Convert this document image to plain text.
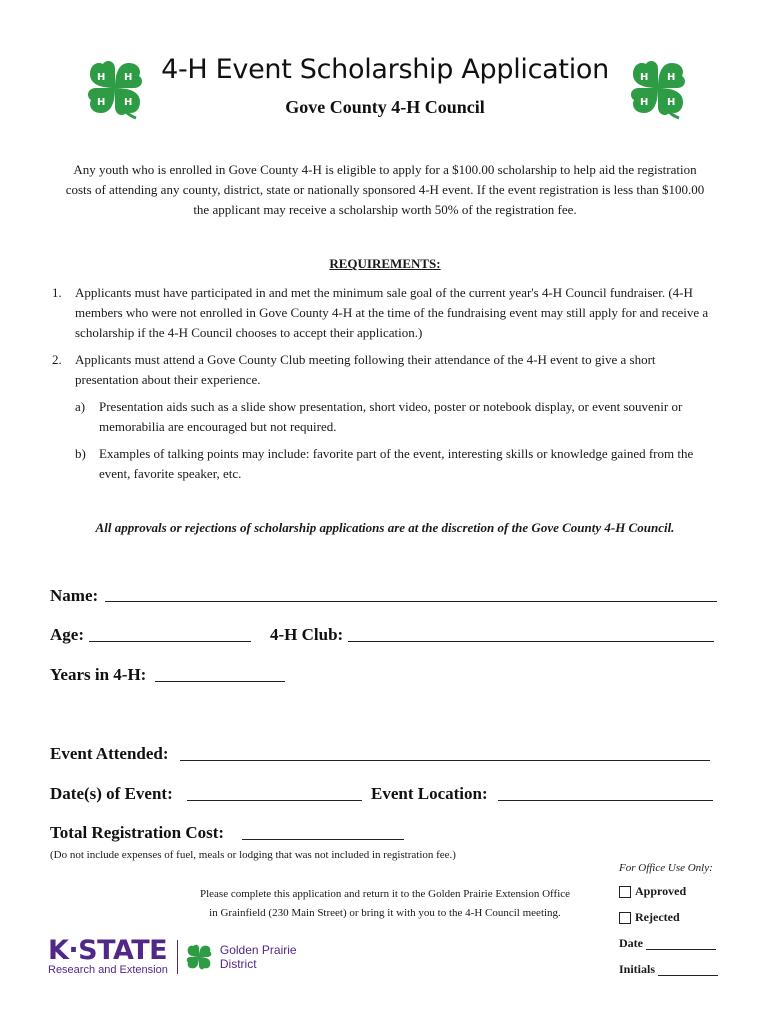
H H
H
H
H H
H
H
4-H Event Scholarship Application
Gove County 4-H Council
Any youth who is enrolled in Gove County 4-H is eligible to apply for a $100.00 scholarship to help aid the registration costs of attending any county, district, state or nationally sponsored 4-H event. If the event registration is less than $100.00 the applicant may receive a scholarship worth 50% of the registration fee.
REQUIREMENTS:
1.	Applicants must have participated in and met the minimum sale goal of the current year's 4-H Council fundraiser. (4-H members who were not enrolled in Gove County 4-H at the time of the fundraising event may still apply for and receive a scholarship if the 4-H Council chooses to accept their application.)
2.	Applicants must attend a Gove County Club meeting following their attendance of the 4-H event to give a short presentation about their experience.
a)	Presentation aids such as a slide show presentation, short video, poster or notebook display, or event souvenir or memorabilia are encouraged but not required.
b)	Examples of talking points may include: favorite part of the event, interesting skills or knowledge gained from the event, favorite speaker, etc.
All approvals or rejections of scholarship applications are at the discretion of the Gove County 4-H Council.
Name:
Age:	4-H Club:
Years in 4-H:
Event Attended:
Date(s) of Event:	Event Location:
Total Registration Cost:
(Do not include expenses of fuel, meals or lodging that was not included in registration fee.)
Please complete this application and return it to the Golden Prairie Extension Office
in Grainfield (230 Main Street) or bring it with you to the 4-H Council meeting.
For Office Use Only:
Approved
Rejected
Date
Initials
K·STATE
Research and Extension
Golden Prairie
District
